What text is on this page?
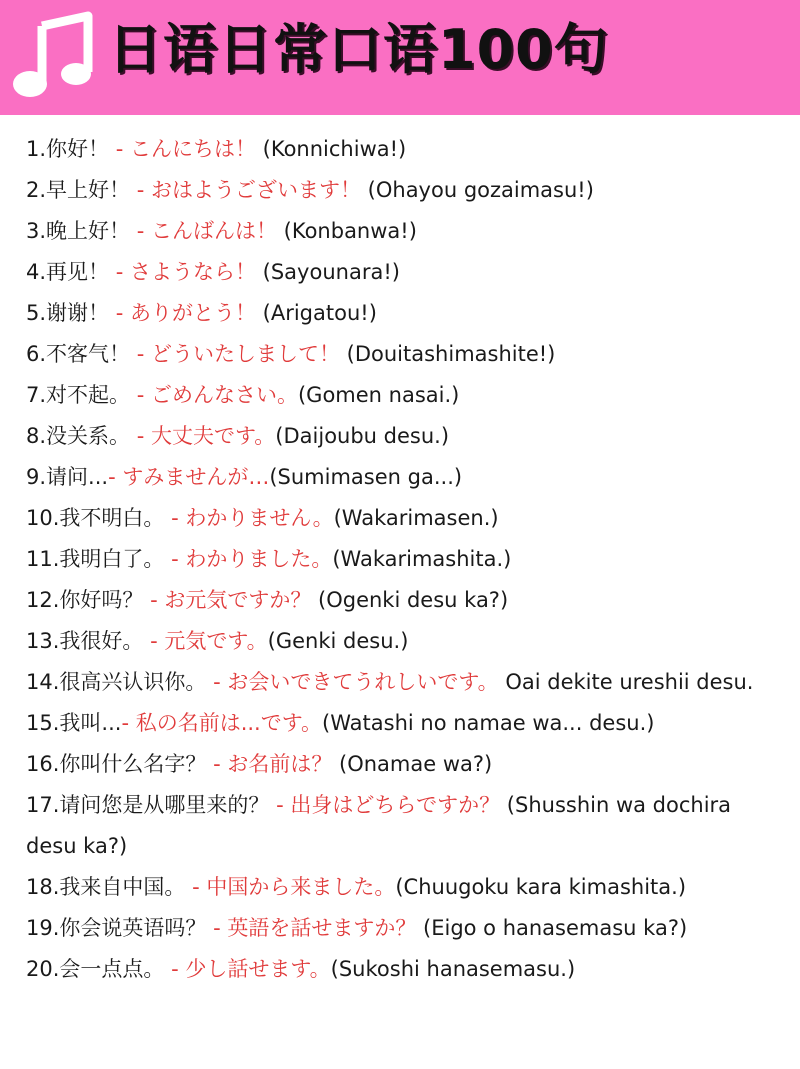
日语日常口语100句
1.你好！ - こんにちは！ (Konnichiwa!)
2.早上好！ - おはようございます！ (Ohayou gozaimasu!)
3.晚上好！ - こんばんは！ (Konbanwa!)
4.再见！ - さようなら！ (Sayounara!)
5.谢谢！ - ありがとう！ (Arigatou!)
6.不客气！ - どういたしまして！ (Douitashimashite!)
7.对不起。 - ごめんなさい。(Gomen nasai.)
8.没关系。 - 大丈夫です。(Daijoubu desu.)
9.请问...- すみませんが…(Sumimasen ga...)
10.我不明白。 - わかりません。(Wakarimasen.)
11.我明白了。 - わかりました。(Wakarimashita.)
12.你好吗？ - お元気ですか？ (Ogenki desu ka?)
13.我很好。 - 元気です。(Genki desu.)
14.很高兴认识你。 - お会いできてうれしいです。 Oai dekite ureshii desu.
15.我叫...- 私の名前は...です。(Watashi no namae wa... desu.)
16.你叫什么名字？ - お名前は？ (Onamae wa?)
17.请问您是从哪里来的？ - 出身はどちらですか？ (Shusshin wa dochira desu ka?)
18.我来自中国。 - 中国から来ました。(Chuugoku kara kimashita.)
19.你会说英语吗？ - 英語を話せますか？ (Eigo o hanasemasu ka?)
20.会一点点。 - 少し話せます。(Sukoshi hanasemasu.)
